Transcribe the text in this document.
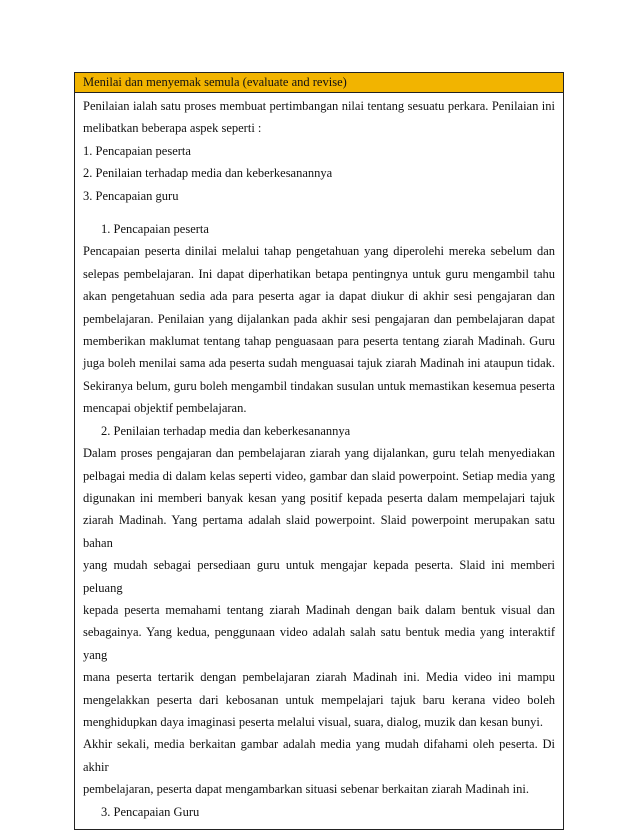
Menilai dan menyemak semula (evaluate and revise)
Penilaian ialah satu proses membuat pertimbangan nilai tentang sesuatu perkara. Penilaian ini
melibatkan beberapa aspek seperti :
1. Pencapaian peserta
2. Penilaian terhadap media dan keberkesanannya
3. Pencapaian guru
1. Pencapaian peserta
Pencapaian peserta dinilai melalui tahap pengetahuan yang diperolehi mereka sebelum dan
selepas pembelajaran. Ini dapat diperhatikan betapa pentingnya untuk guru mengambil tahu
akan pengetahuan sedia ada para peserta agar ia dapat diukur di akhir sesi pengajaran dan
pembelajaran. Penilaian yang dijalankan pada akhir sesi pengajaran dan pembelajaran dapat
memberikan maklumat tentang tahap penguasaan para peserta tentang ziarah Madinah. Guru
juga boleh menilai sama ada peserta sudah menguasai tajuk ziarah Madinah ini ataupun tidak.
Sekiranya belum, guru boleh mengambil tindakan susulan untuk memastikan kesemua peserta
mencapai objektif pembelajaran.
2. Penilaian terhadap media dan keberkesanannya
Dalam proses pengajaran dan pembelajaran ziarah yang dijalankan, guru telah menyediakan
pelbagai media di dalam kelas seperti video, gambar dan slaid powerpoint. Setiap media yang
digunakan ini memberi banyak kesan yang positif kepada peserta dalam mempelajari tajuk
ziarah Madinah. Yang pertama adalah slaid powerpoint. Slaid powerpoint merupakan satu bahan
yang mudah sebagai persediaan guru untuk mengajar kepada peserta. Slaid ini memberi peluang
kepada peserta memahami tentang ziarah Madinah dengan baik dalam bentuk visual dan
sebagainya. Yang kedua, penggunaan video adalah salah satu bentuk media yang interaktif yang
mana peserta tertarik dengan pembelajaran ziarah Madinah ini. Media video ini mampu
mengelakkan peserta dari kebosanan untuk mempelajari tajuk baru kerana video boleh
menghidupkan daya imaginasi peserta melalui visual, suara, dialog, muzik dan kesan bunyi.
Akhir sekali, media berkaitan gambar adalah media yang mudah difahami oleh peserta. Di akhir
pembelajaran, peserta dapat mengambarkan situasi sebenar berkaitan ziarah Madinah ini.
3. Pencapaian Guru
